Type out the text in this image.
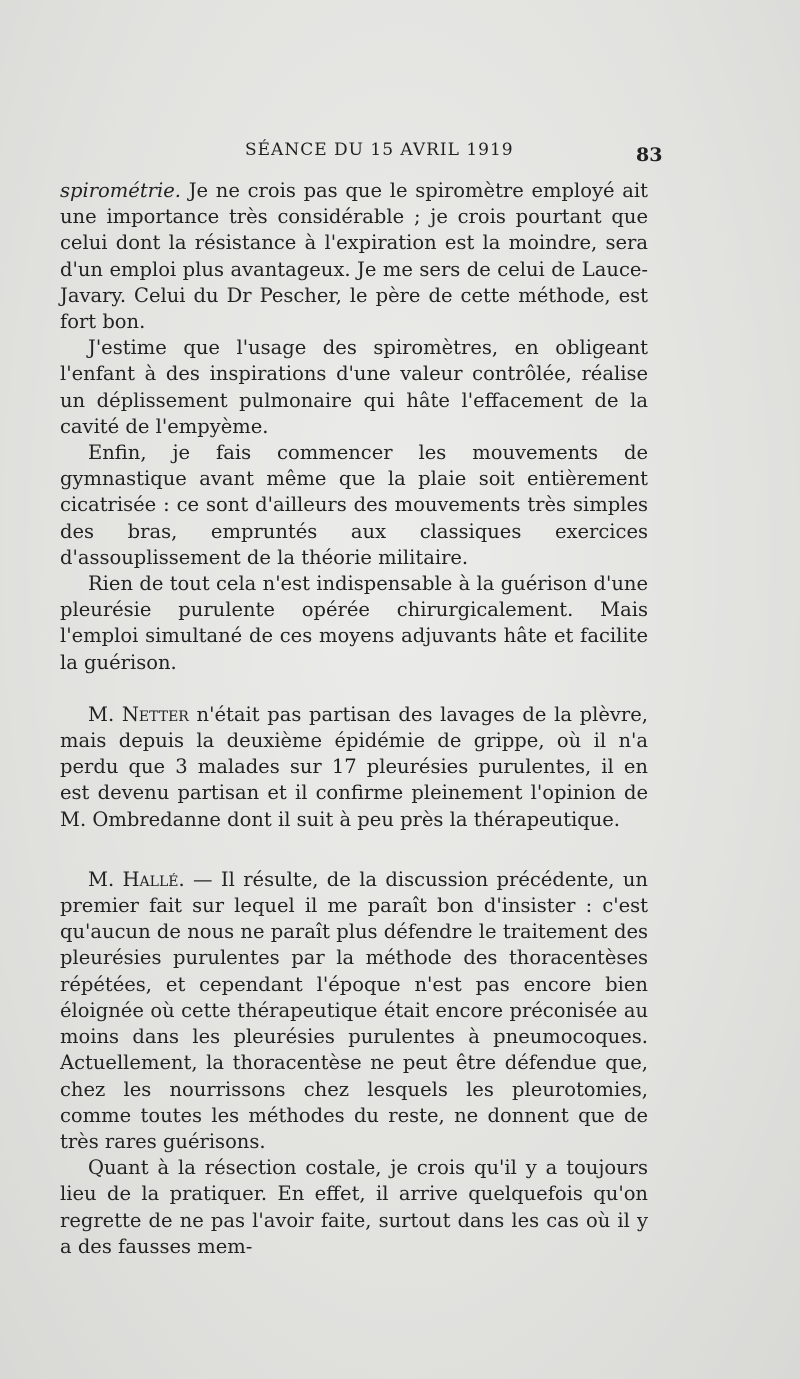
SÉANCE DU 15 AVRIL 1919	83

spirométrie. Je ne crois pas que le spiromètre employé ait une importance très considérable ; je crois pourtant que celui dont la résistance à l'expiration est la moindre, sera d'un emploi plus avantageux. Je me sers de celui de Lauce-Javary. Celui du Dr Pescher, le père de cette méthode, est fort bon.

J'estime que l'usage des spiromètres, en obligeant l'enfant à des inspirations d'une valeur contrôlée, réalise un déplissement pulmonaire qui hâte l'effacement de la cavité de l'empyème.

Enfin, je fais commencer les mouvements de gymnastique avant même que la plaie soit entièrement cicatrisée : ce sont d'ailleurs des mouvements très simples des bras, empruntés aux classiques exercices d'assouplissement de la théorie militaire.

Rien de tout cela n'est indispensable à la guérison d'une pleurésie purulente opérée chirurgicalement. Mais l'emploi simultané de ces moyens adjuvants hâte et facilite la guérison.

M. Netter n'était pas partisan des lavages de la plèvre, mais depuis la deuxième épidémie de grippe, où il n'a perdu que 3 malades sur 17 pleurésies purulentes, il en est devenu partisan et il confirme pleinement l'opinion de M. Ombredanne dont il suit à peu près la thérapeutique.

M. Hallé. — Il résulte, de la discussion précédente, un premier fait sur lequel il me paraît bon d'insister : c'est qu'aucun de nous ne paraît plus défendre le traitement des pleurésies purulentes par la méthode des thoracentèses répétées, et cependant l'époque n'est pas encore bien éloignée où cette thérapeutique était encore préconisée au moins dans les pleurésies purulentes à pneumocoques. Actuellement, la thoracentèse ne peut être défendue que, chez les nourrissons chez lesquels les pleurotomies, comme toutes les méthodes du reste, ne donnent que de très rares guérisons.

Quant à la résection costale, je crois qu'il y a toujours lieu de la pratiquer. En effet, il arrive quelquefois qu'on regrette de ne pas l'avoir faite, surtout dans les cas où il y a des fausses mem-
